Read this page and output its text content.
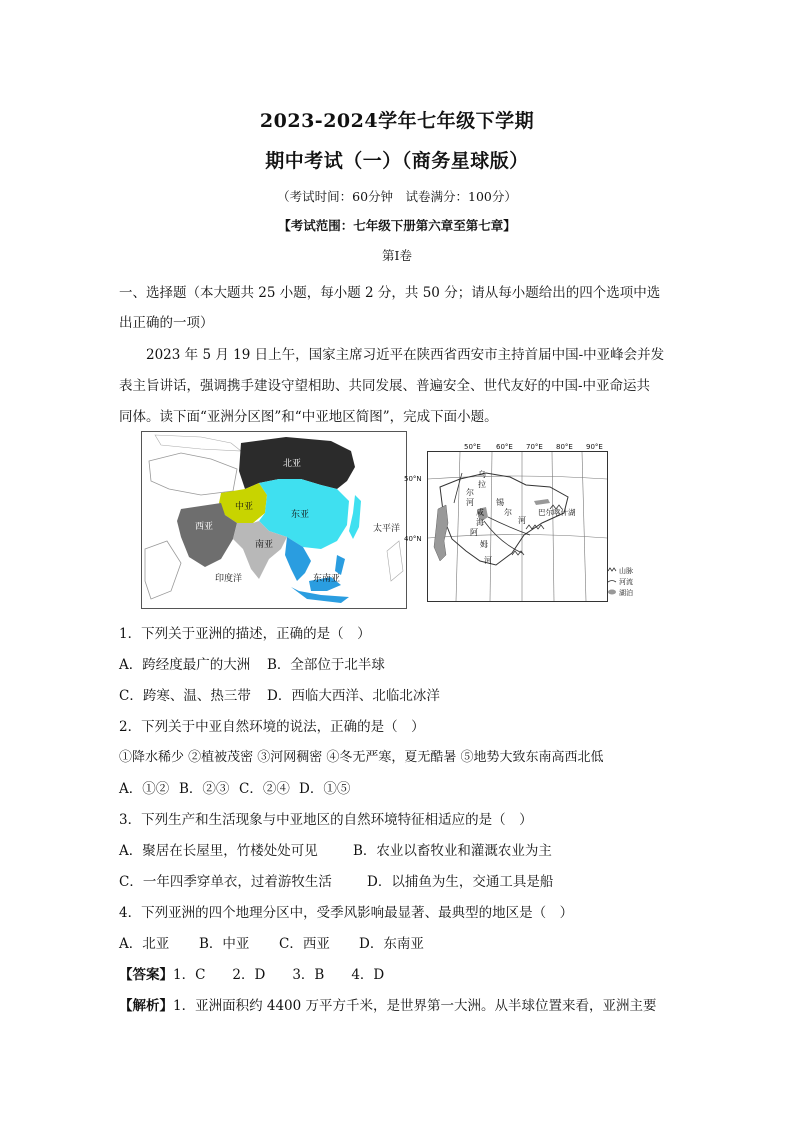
2023-2024学年七年级下学期
期中考试（一）（商务星球版）
（考试时间：60分钟　试卷满分：100分）
【考试范围：七年级下册第六章至第七章】
第Ⅰ卷
一、选择题（本大题共 25 小题，每小题 2 分，共 50 分；请从每小题给出的四个选项中选
出正确的一项）
2023 年 5 月 19 日上午，国家主席习近平在陕西省西安市主持首届中国-中亚峰会并发
表主旨讲话，强调携手建设守望相助、共同发展、普遍安全、世代友好的中国-中亚命运共
同体。读下面“亚洲分区图”和“中亚地区简图”，完成下面小题。
北亚
中亚
东亚
西亚
南亚
东南亚
太平洋
印度洋
50°E 60°E 70°E 80°E 90°E
50°N
40°N
乌
拉
尔
河	锡
尔
河
阿
姆
河
咸
海
巴尔喀什湖
山脉
河流
湖泊
1．下列关于亚洲的描述，正确的是（　）
A．跨经度最广的大洲 B．全部位于北半球
C．跨寒、温、热三带 D．西临大西洋、北临北冰洋
2．下列关于中亚自然环境的说法，正确的是（　）
①降水稀少 ②植被茂密 ③河网稠密 ④冬无严寒，夏无酷暑 ⑤地势大致东南高西北低
A．①② B．②③ C．②④ D．①⑤
3．下列生产和生活现象与中亚地区的自然环境特征相适应的是（　）
A．聚居在长屋里，竹楼处处可见	B．农业以畜牧业和灌溉农业为主
C．一年四季穿单衣，过着游牧生活	D．以捕鱼为生，交通工具是船
4．下列亚洲的四个地理分区中，受季风影响最显著、最典型的地区是（　）
A．北亚 B．中亚 C．西亚 D．东南亚
【答案】1．C　　2．D　　3．B　　4．D
【解析】1．亚洲面积约 4400 万平方千米，是世界第一大洲。从半球位置来看，亚洲主要
